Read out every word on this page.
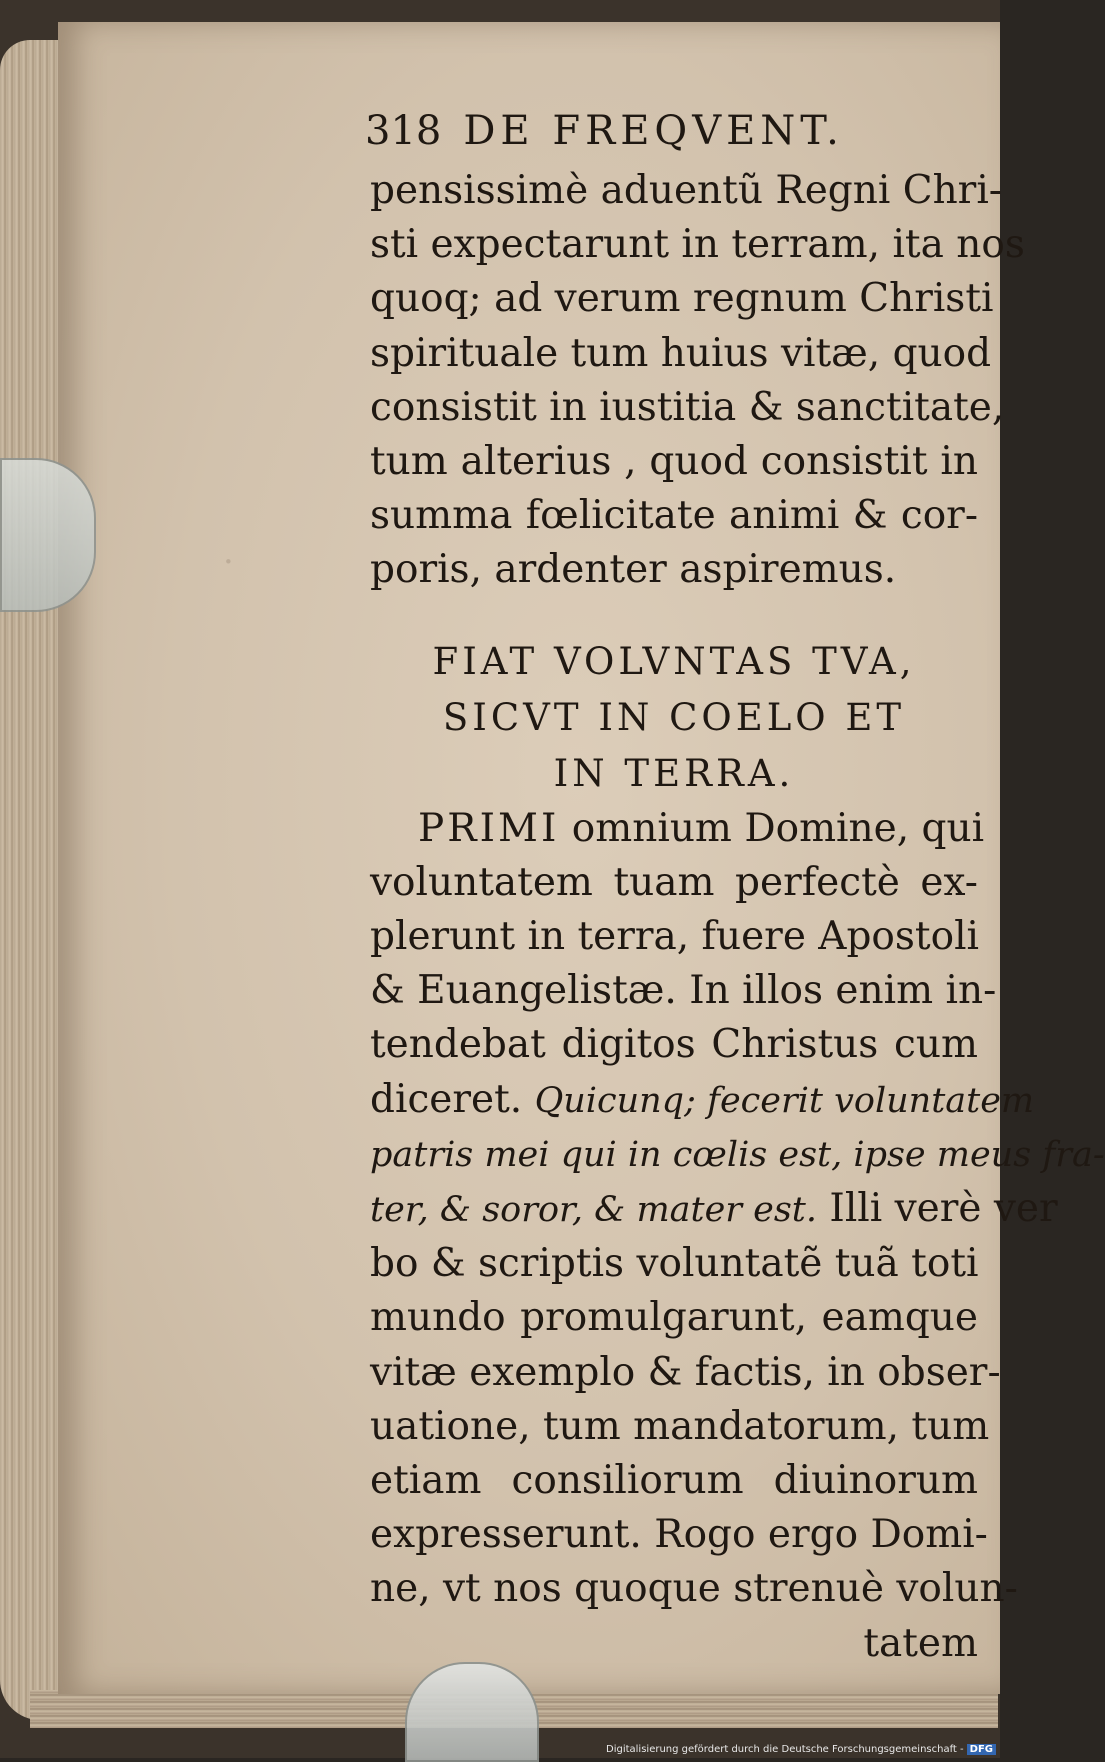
·
318 DE FREQVENT.
pensissimè aduentũ Regni Chri-
sti expectarunt in terram, ita nos
quoq; ad verum regnum Christi
spirituale tum huius vitæ, quod
consistit in iustitia & sanctitate,
tum alterius , quod consistit in
summa fœlicitate animi & cor-
poris, ardenter aspiremus.
FIAT VOLVNTAS TVA,
SICVT IN COELO ET
IN TERRA.
PRIMI omnium Domine, qui
voluntatem tuam perfectè ex-
plerunt in terra, fuere Apostoli
& Euangelistæ. In illos enim in-
tendebat digitos Christus cum
diceret. Quicunq; fecerit voluntatem
patris mei qui in cœlis est, ipse meus fra-
ter, & soror, & mater est. Illi verè ver
bo & scriptis voluntatẽ tuã toti
mundo promulgarunt, eamque
vitæ exemplo & factis, in obser-
uatione, tum mandatorum, tum
etiam consiliorum diuinorum
expresserunt. Rogo ergo Domi-
ne, vt nos quoque strenuè volun-
tatem
Digitalisierung gefördert durch die Deutsche Forschungsgemeinschaft - DFG
